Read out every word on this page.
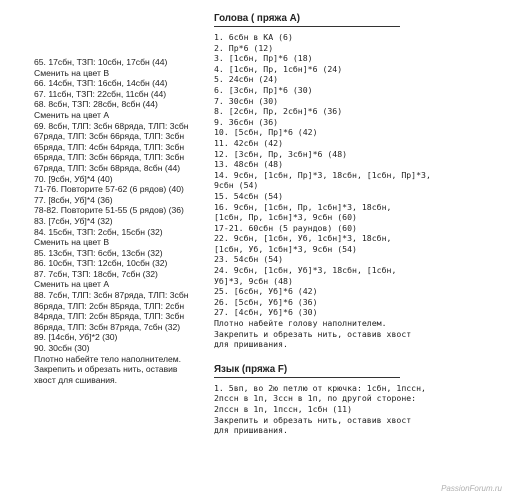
65. 17сбн, ТЗП: 10сбн, 17сбн (44)
Сменить на цвет В
66. 14сбн, ТЗП: 16сбн, 14сбн (44)
67. 11сбн, ТЗП: 22сбн, 11сбн (44)
68. 8сбн, ТЗП: 28сбн, 8сбн (44)
Сменить на цвет А
69. 8сбн, ТЛП: 3сбн 68ряда, ТЛП: 3сбн
67ряда, ТЛП: 3сбн 66ряда, ТЛП: 3сбн
65ряда, ТЛП: 4сбн 64ряда, ТЛП: 3сбн
65ряда, ТЛП: 3сбн 66ряда, ТЛП: 3сбн
67ряда, ТЛП: 3сбн 68ряда, 8сбн (44)
70. [9сбн, Уб]*4 (40)
71-76. Повторите 57-62 (6 рядов) (40)
77. [8сбн, Уб]*4 (36)
78-82. Повторите 51-55 (5 рядов) (36)
83. [7сбн, Уб]*4 (32)
84. 15сбн, ТЗП: 2сбн, 15сбн (32)
Сменить на цвет В
85. 13сбн, ТЗП: 6сбн, 13сбн (32)
86. 10сбн, ТЗП: 12сбн, 10сбн (32)
87. 7сбн, ТЗП: 18сбн, 7сбн (32)
Сменить на цвет А
88. 7сбн, ТЛП: 3сбн 87ряда, ТЛП: 3сбн
86ряда, ТЛП: 2сбн 85ряда, ТЛП: 2сбн
84ряда, ТЛП: 2сбн 85ряда, ТЛП: 3сбн
86ряда, ТЛП: 3сбн 87ряда, 7сбн (32)
89. [14сбн, Уб]*2 (30)
90. 30сбн (30)
Плотно набейте тело наполнителем.
Закрепить и обрезать нить, оставив
хвост для сшивания.
Голова ( пряжа А)
1. 6сбн в КА (6)
2. Пр*6 (12)
3. [1сбн, Пр]*6 (18)
4. [1сбн, Пр, 1сбн]*6 (24)
5. 24сбн (24)
6. [3сбн, Пр]*6 (30)
7. 30сбн (30)
8. [2сбн, Пр, 2сбн]*6 (36)
9. 36сбн (36)
10. [5сбн, Пр]*6 (42)
11. 42сбн (42)
12. [3сбн, Пр, 3сбн]*6 (48)
13. 48сбн (48)
14. 9сбн, [1сбн, Пр]*3, 18сбн, [1сбн, Пр]*3,
9сбн (54)
15. 54сбн (54)
16. 9сбн, [1сбн, Пр, 1сбн]*3, 18сбн,
[1сбн, Пр, 1сбн]*3, 9сбн (60)
17-21. 60сбн (5 раундов) (60)
22. 9сбн, [1сбн, Уб, 1сбн]*3, 18сбн,
[1сбн, Уб, 1сбн]*3, 9сбн (54)
23. 54сбн (54)
24. 9сбн, [1сбн, Уб]*3, 18сбн, [1сбн,
Уб]*3, 9сбн (48)
25. [6сбн, Уб]*6 (42)
26. [5сбн, Уб]*6 (36)
27. [4сбн, Уб]*6 (30)
Плотно набейте голову наполнителем.
Закрепить и обрезать нить, оставив хвост
для пришивания.
Язык (пряжа F)
1. 5вп, во 2ю петлю от крючка: 1сбн, 1пссн,
2пссн в 1п, 3ссн в 1п, по другой стороне:
2пссн в 1п, 1пссн, 1сбн (11)
Закрепить и обрезать нить, оставив хвост
для пришивания.
PassionForum.ru
